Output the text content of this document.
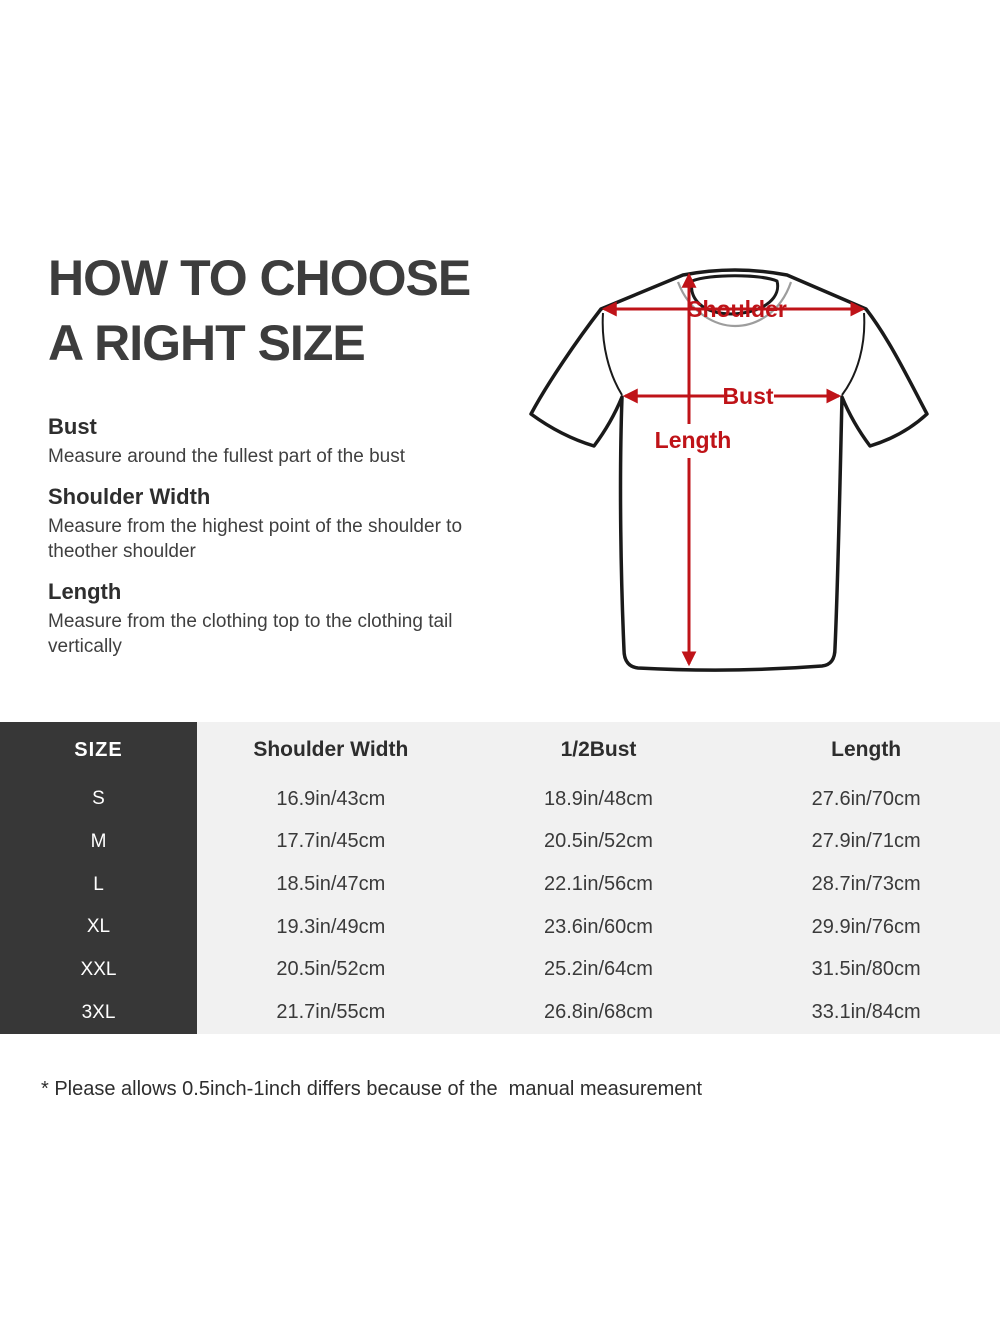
HOW TO CHOOSE
A RIGHT SIZE
Bust

Measure around the fullest part of the bust

Shoulder Width

Measure from the highest point of the shoulder to theother shoulder

Length

Measure from the clothing top to the clothing tail vertically

Shoulder
Bust
Length
SIZE	Shoulder Width	1/2Bust	Length
S	16.9in/43cm	18.9in/48cm	27.6in/70cm
M	17.7in/45cm	20.5in/52cm	27.9in/71cm
L	18.5in/47cm	22.1in/56cm	28.7in/73cm
XL	19.3in/49cm	23.6in/60cm	29.9in/76cm
XXL	20.5in/52cm	25.2in/64cm	31.5in/80cm
3XL	21.7in/55cm	26.8in/68cm	33.1in/84cm

* Please allows 0.5inch-1inch differs because of the  manual measurement
